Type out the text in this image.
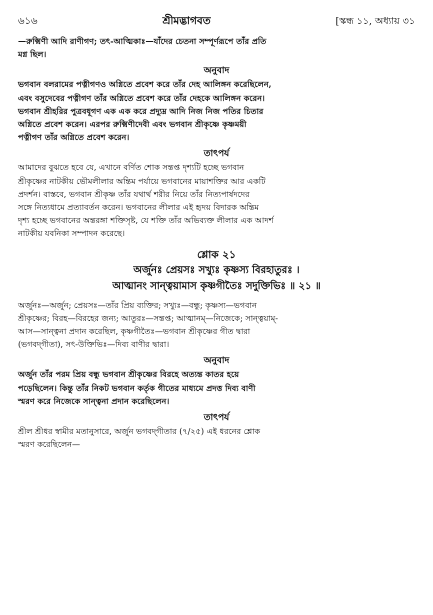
৬১৬	শ্রীমদ্ভাগবত	[স্কন্ধ ১১, অধ্যায় ৩১

—রুক্মিণী আদি রাণীগণ; তৎ-আত্মিকাঃ—যাঁদের চেতনা সম্পূর্ণরূপে তাঁর প্রতি

মগ্ন ছিল।

অনুবাদ

ভগবান বলরামের পত্নীগণও অগ্নিতে প্রবেশ করে তাঁর দেহ আলিঙ্গন করেছিলেন,

এবং বসুদেবের পত্নীগণ তাঁর অগ্নিতে প্রবেশ করে তাঁর দেহকে আলিঙ্গন করেন।

ভগবান শ্রীহরির পুত্রবধূগণ এক এক করে প্রদ্যুম্ন আদি নিজ নিজ পতির চিতার

অগ্নিতে প্রবেশ করেন। এরপর রুক্মিণীদেবী এবং ভগবান শ্রীকৃষ্ণে কৃষ্ণময়ী

পত্নীগণ তাঁর অগ্নিতে প্রবেশ করেন।

তাৎপর্য

আমাদের বুঝতে হবে যে, এখানে বর্ণিত শোক সন্তপ্ত দৃশ্যটি হচ্ছে ভগবান

শ্রীকৃষ্ণের নাটকীয় ভৌমলীলার অন্তিম পর্যায়ে ভগবানের মায়াশক্তির আর একটি

প্রদর্শন। বাস্তবে, ভগবান শ্রীকৃষ্ণ তাঁর যথার্থ শরীর নিয়ে তাঁর নিত্যপার্ষদদের

সঙ্গে নিত্যধামে প্রত্যাবর্তন করেন। ভগবানের লীলার এই হৃদয় বিদারক অন্তিম

দৃশ্য হচ্ছে ভগবানের অন্তরঙ্গা শক্তিসৃষ্ট, যে শক্তি তাঁর অভিব্যক্ত লীলার এক আদর্শ

নাটকীয় যবনিকা সম্পাদন করেছে।

শ্লোক ২১
অর্জুনঃ প্রেয়সঃ সখ্যুঃ কৃষ্ণস্য বিরহাতুরঃ ।
আত্মানং সান্ত্বয়ামাস কৃষ্ণগীতৈঃ সদুক্তিভিঃ ॥ ২১ ॥

অর্জুনঃ—অর্জুন; প্রেয়সঃ—তাঁর প্রিয় ব্যক্তির; সখ্যুঃ—বন্ধু; কৃষ্ণস্য—ভগবান

শ্রীকৃষ্ণের; বিরহ—বিরহের জন্য; আতুরঃ—সন্তপ্ত; আত্মানম্—নিজেকে; সান্ত্বয়াম্‌-

আস—সান্ত্বনা প্রদান করেছিল, কৃষ্ণগীতৈঃ—ভগবান শ্রীকৃষ্ণের গীত দ্বারা

(ভগবদ্‌গীতা), সৎ-উক্তিভিঃ—দিব্য বাণীর দ্বারা।

অনুবাদ

অর্জুন তাঁর পরম প্রিয় বন্ধু ভগবান শ্রীকৃষ্ণের বিরহে অত্যন্ত কাতর হয়ে

পড়েছিলেন। কিন্তু তাঁর নিকট ভগবান কর্তৃক গীতের মাধ্যমে প্রদত্ত দিব্য বাণী

স্মরণ করে নিজেকে সান্ত্বনা প্রদান করেছিলেন।

তাৎপর্য

শ্রীল শ্রীধর স্বামীর মতানুসারে, অর্জুন ভগবদ্‌গীতার (৭/২৫) এই ধরনের শ্লোক

স্মরণ করেছিলেন—
